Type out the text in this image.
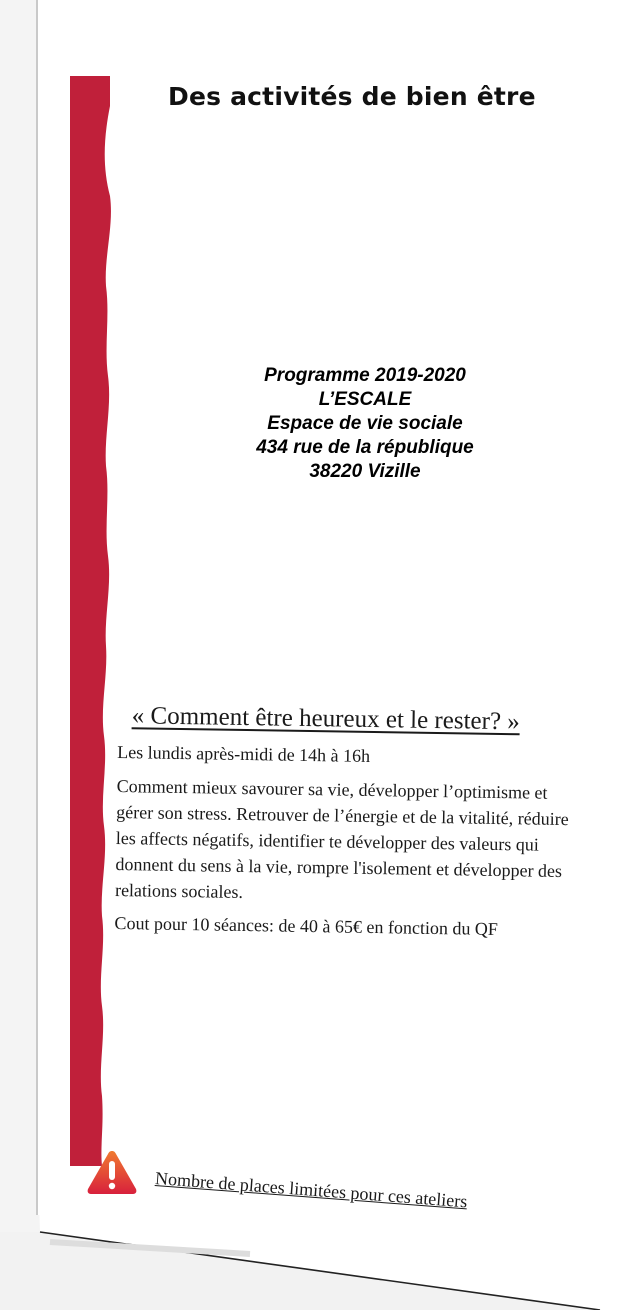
Des activités de bien être
Programme 2019-2020
L’ESCALE
Espace de vie sociale
434 rue de la république
38220 Vizille
« Comment être heureux et le rester? »
Les lundis après-midi de 14h à 16h
Comment mieux savourer sa vie, développer l’optimisme et gérer son stress. Retrouver de l’énergie et de la vitalité, réduire les affects négatifs, identifier te développer des valeurs qui donnent du sens à la vie, rompre l'isolement et développer des relations sociales.
Cout pour 10 séances: de 40 à 65€ en fonction du QF
Nombre de places limitées pour ces ateliers
